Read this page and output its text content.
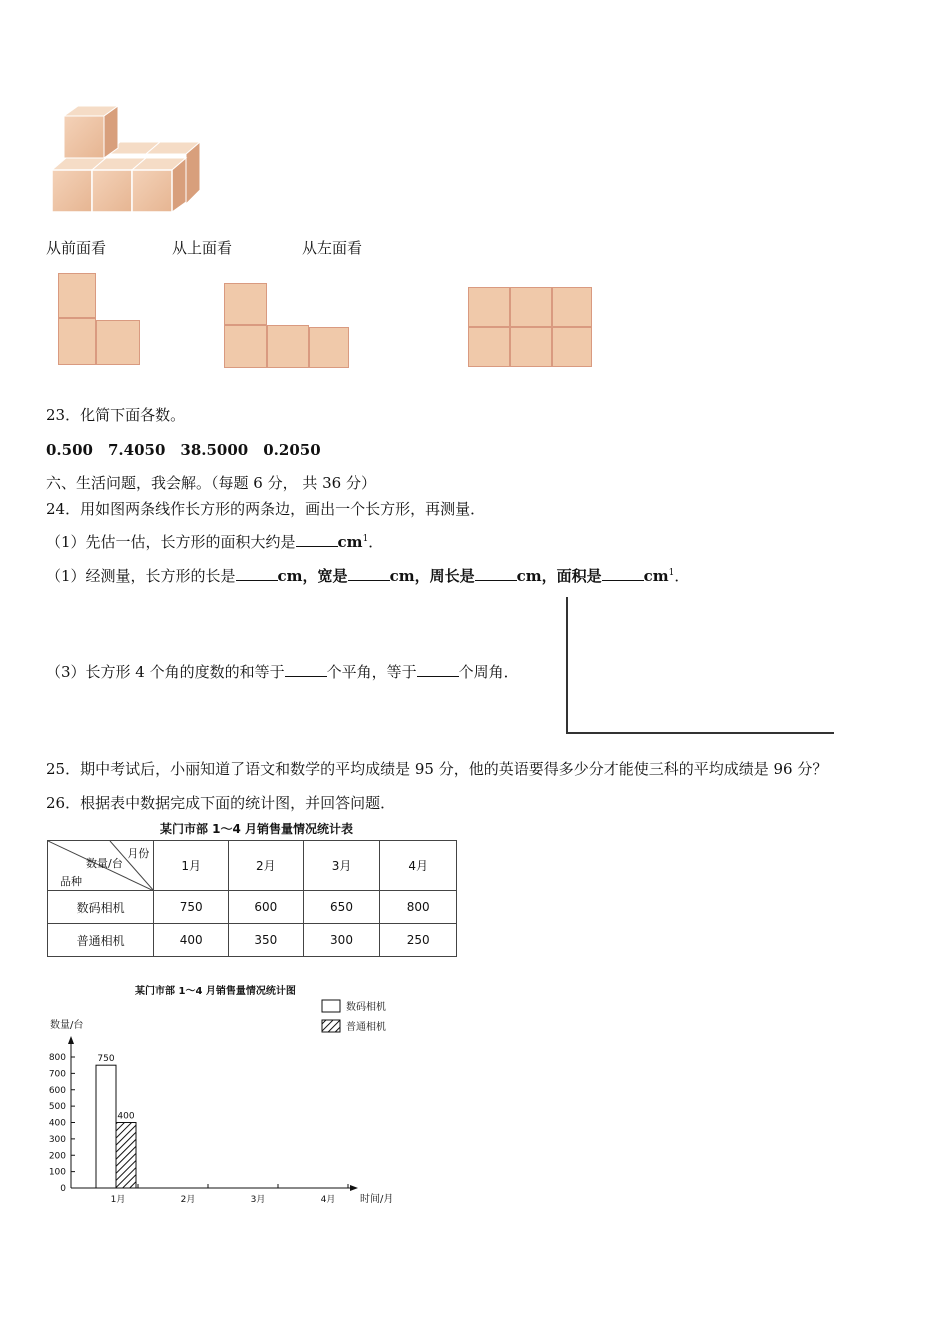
从前面看	从上面看	从左面看
23．化简下面各数。
0.500　7.4050　38.5000　0.2050
六、生活问题，我会解。（每题 6 分， 共 36 分）
24．用如图两条线作长方形的两条边，画出一个长方形，再测量．
（1）先估一估，长方形的面积大约是	$cm^1$．
（1）经测量，长方形的长是	cm，宽是	cm，周长是	cm，面积是	$cm^1$．
（3）长方形 4 个角的度数的和等于	个平角，等于	个周角．
25．期中考试后，小丽知道了语文和数学的平均成绩是 95 分，他的英语要得多少分才能使三科的平均成绩是 96 分？
26．根据表中数据完成下面的统计图，并回答问题．
某门市部 1～4 月销售量情况统计表
月份
数量/台
品种	1月	2月	3月	4月
数码相机	750	600	650	800
普通相机	400	350	300	250
某门市部 1～4 月销售量情况统计图
数量/台
时间/月
数码相机
普通相机
0
100
200
300
400
500
600
700
800
1月	2月	3月	4月
750
400
